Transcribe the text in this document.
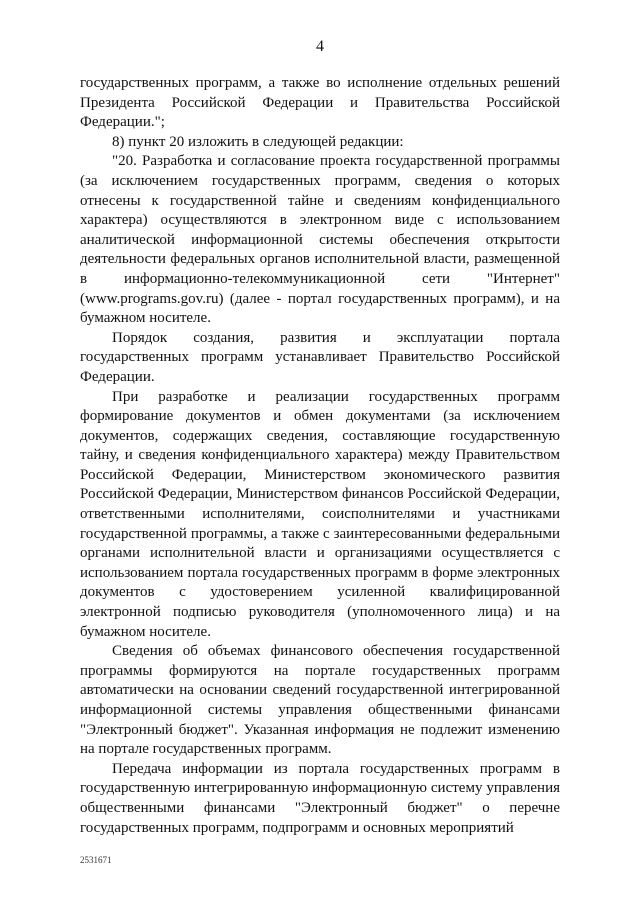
4

государственных программ, а также во исполнение отдельных решений Президента Российской Федерации и Правительства Российской Федерации.";

8) пункт 20 изложить в следующей редакции:

"20. Разработка и согласование проекта государственной программы (за исключением государственных программ, сведения о которых отнесены к государственной тайне и сведениям конфиденциального характера) осуществляются в электронном виде с использованием аналитической информационной системы обеспечения открытости деятельности федеральных органов исполнительной власти, размещенной в информационно-телекоммуникационной сети "Интернет" (www.programs.gov.ru) (далее - портал государственных программ), и на бумажном носителе.

Порядок создания, развития и эксплуатации портала государственных программ устанавливает Правительство Российской Федерации.

При разработке и реализации государственных программ формирование документов и обмен документами (за исключением документов, содержащих сведения, составляющие государственную тайну, и сведения конфиденциального характера) между Правительством Российской Федерации, Министерством экономического развития Российской Федерации, Министерством финансов Российской Федерации, ответственными исполнителями, соисполнителями и участниками государственной программы, а также с заинтересованными федеральными органами исполнительной власти и организациями осуществляется с использованием портала государственных программ в форме электронных документов с удостоверением усиленной квалифицированной электронной подписью руководителя (уполномоченного лица) и на бумажном носителе.

Сведения об объемах финансового обеспечения государственной программы формируются на портале государственных программ автоматически на основании сведений государственной интегрированной информационной системы управления общественными финансами "Электронный бюджет". Указанная информация не подлежит изменению на портале государственных программ.

Передача информации из портала государственных программ в государственную интегрированную информационную систему управления общественными финансами "Электронный бюджет" о перечне государственных программ, подпрограмм и основных мероприятий

2531671
